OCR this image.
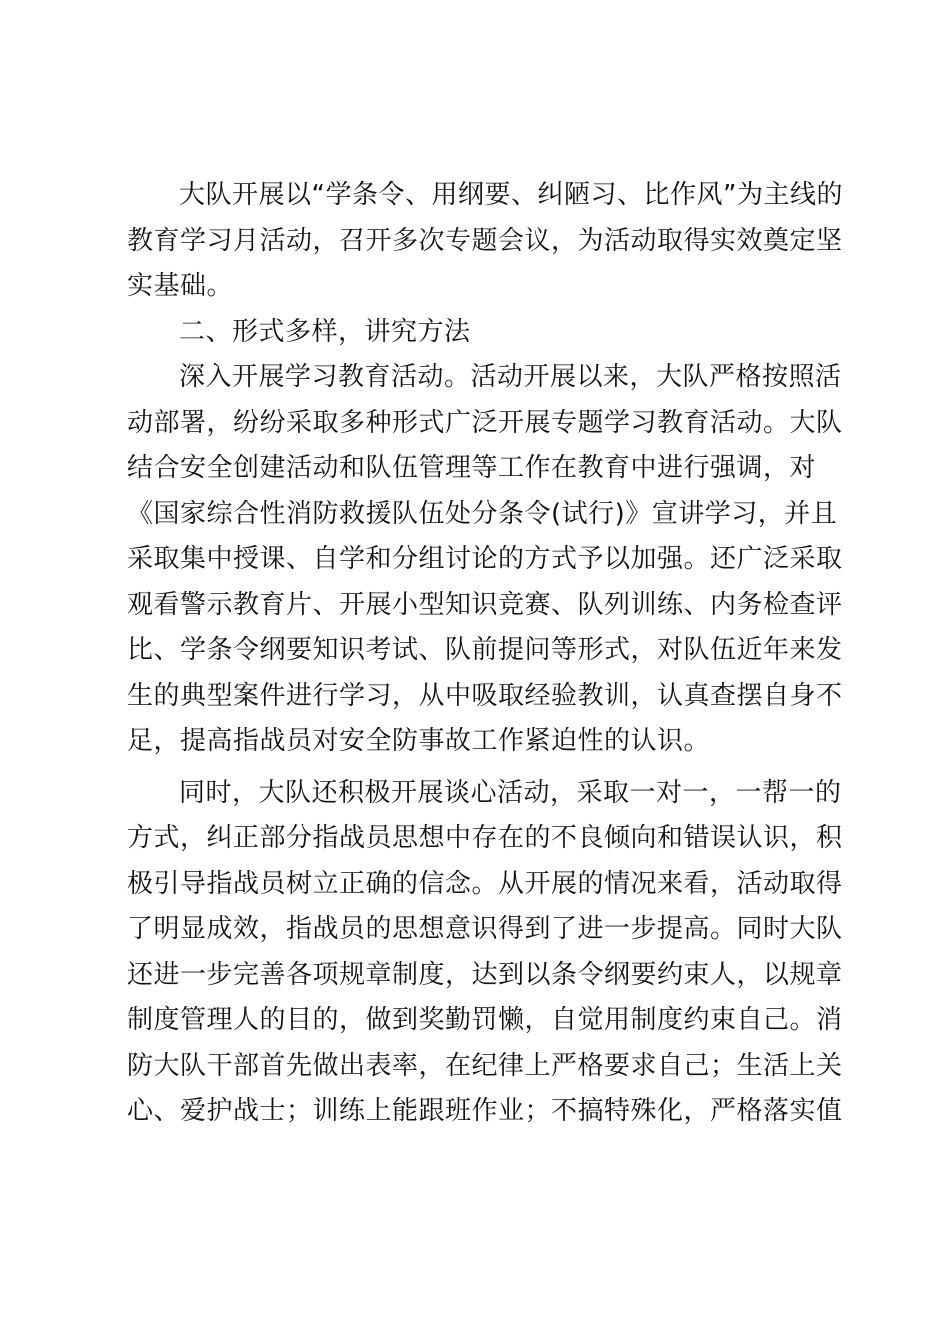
大队开展以“学条令、用纲要、纠陋习、比作风”为主线的
教育学习月活动，召开多次专题会议，为活动取得实效奠定坚
实基础。
二、形式多样，讲究方法
深入开展学习教育活动。活动开展以来，大队严格按照活
动部署，纷纷采取多种形式广泛开展专题学习教育活动。大队
结合安全创建活动和队伍管理等工作在教育中进行强调，对
《国家综合性消防救援队伍处分条令(试行)》宣讲学习，并且
采取集中授课、自学和分组讨论的方式予以加强。还广泛采取
观看警示教育片、开展小型知识竞赛、队列训练、内务检查评
比、学条令纲要知识考试、队前提问等形式，对队伍近年来发
生的典型案件进行学习，从中吸取经验教训，认真查摆自身不
足，提高指战员对安全防事故工作紧迫性的认识。
同时，大队还积极开展谈心活动，采取一对一，一帮一的
方式，纠正部分指战员思想中存在的不良倾向和错误认识，积
极引导指战员树立正确的信念。从开展的情况来看，活动取得
了明显成效，指战员的思想意识得到了进一步提高。同时大队
还进一步完善各项规章制度，达到以条令纲要约束人，以规章
制度管理人的目的，做到奖勤罚懒，自觉用制度约束自己。消
防大队干部首先做出表率，在纪律上严格要求自己；生活上关
心、爱护战士；训练上能跟班作业；不搞特殊化，严格落实值
